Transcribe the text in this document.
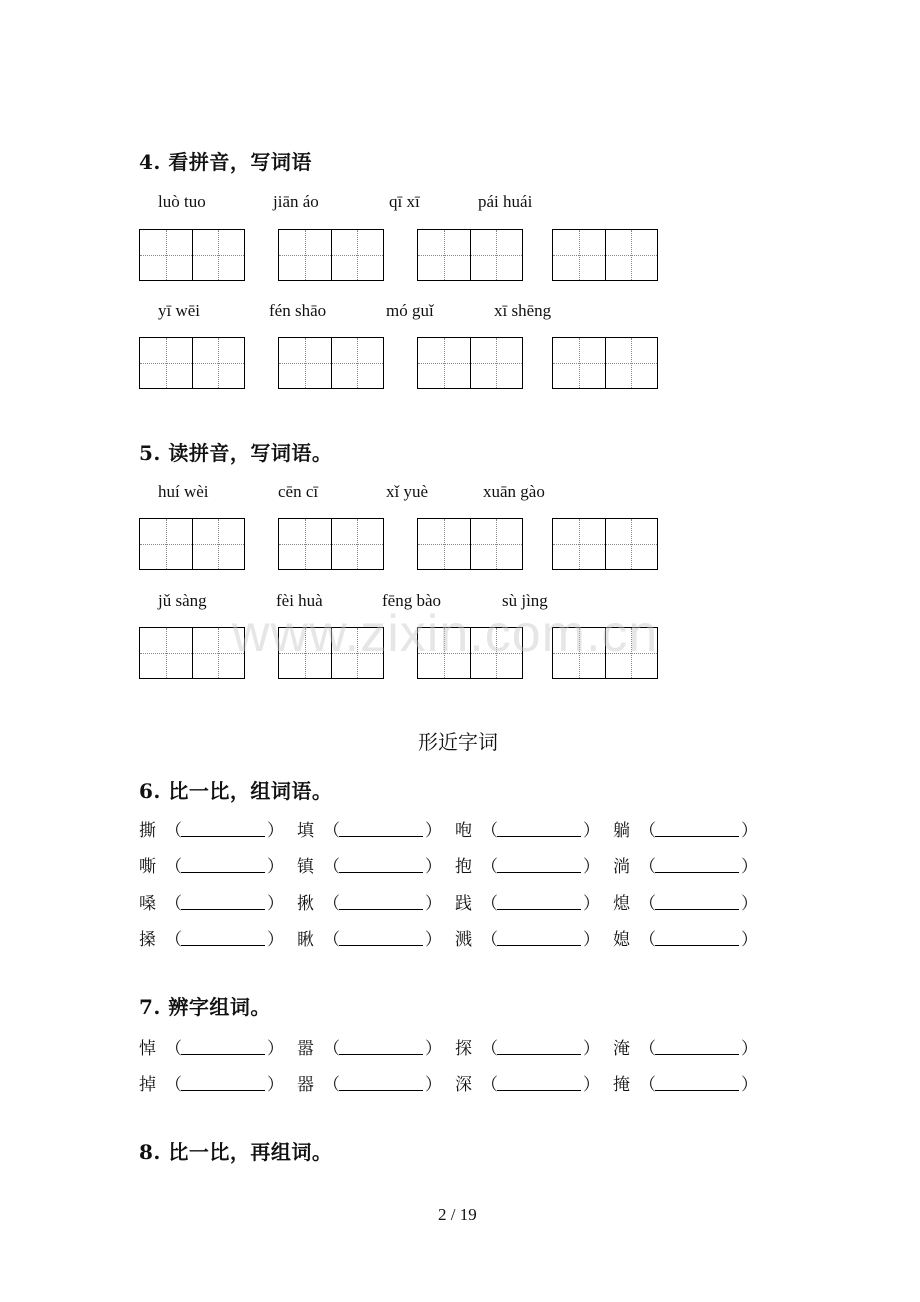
4. 看拼音，写词语
luò tuo	jiān áo	qī xī	pái huái
yī wēi	fén shāo	mó guǐ	xī shēng
5. 读拼音，写词语。
huí wèi	cēn cī	xǐ yuè	xuān gào
jǔ sàng	fèi huà	fēng bào	sù jìng
www.zixin.com.cn
形近字词
6. 比一比，组词语。
撕 （	） 填 （	） 咆 （	） 躺 （	）
嘶 （	） 镇 （	） 抱 （	） 淌 （	）
嗓 （	） 揪 （	） 践 （	） 熄 （	）
搡 （	） 瞅 （	） 溅 （	） 媳 （	）
7. 辨字组词。
悼 （	） 嚣 （	） 探 （	） 淹 （	）
掉 （	） 器 （	） 深 （	） 掩 （	）
8. 比一比，再组词。
2 / 19
